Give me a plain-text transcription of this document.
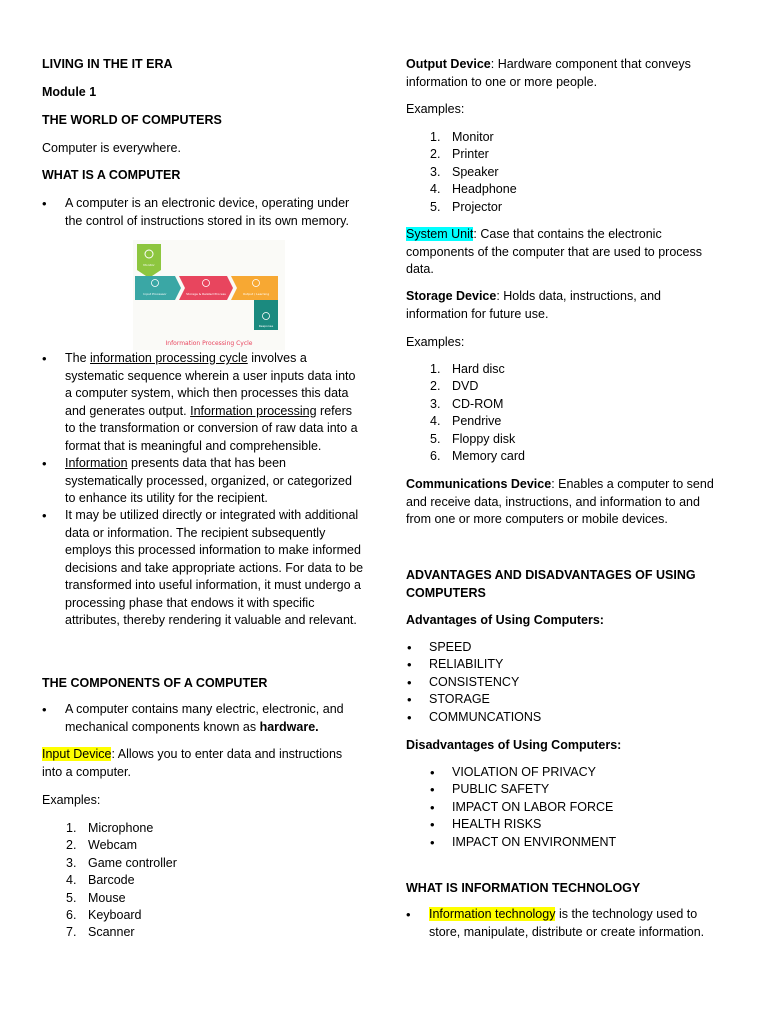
LIVING IN THE IT ERA

Module 1

THE WORLD OF COMPUTERS

Computer is everywhere.

WHAT IS A COMPUTER

• A computer is an electronic device, operating under the control of instructions stored in its own memory.
Monitor
Input Processor	Storage & Related Process	Output / Learning
Response
Information Processing Cycle
• The information processing cycle involves a systematic sequence wherein a user inputs data into a computer system, which then processes this data and generates output. Information processing refers to the transformation or conversion of raw data into a format that is meaningful and comprehensible.
• Information presents data that has been systematically processed, organized, or categorized to enhance its utility for the recipient.
• It may be utilized directly or integrated with additional data or information. The recipient subsequently employs this processed information to make informed decisions and take appropriate actions. For data to be transformed into useful information, it must undergo a processing phase that endows it with specific attributes, thereby rendering it valuable and relevant.

THE COMPONENTS OF A COMPUTER

• A computer contains many electric, electronic, and mechanical components known as hardware.

Input Device: Allows you to enter data and instructions into a computer.

Examples:

1. Microphone
2. Webcam
3. Game controller
4. Barcode
5. Mouse
6. Keyboard
7. Scanner

Output Device: Hardware component that conveys information to one or more people.

Examples:

1. Monitor
2. Printer
3. Speaker
4. Headphone
5. Projector

System Unit: Case that contains the electronic components of the computer that are used to process data.

Storage Device: Holds data, instructions, and information for future use.

Examples:

1. Hard disc
2. DVD
3. CD-ROM
4. Pendrive
5. Floppy disk
6. Memory card

Communications Device: Enables a computer to send and receive data, instructions, and information to and from one or more computers or mobile devices.

ADVANTAGES AND DISADVANTAGES OF USING COMPUTERS

Advantages of Using Computers:

• SPEED
• RELIABILITY
• CONSISTENCY
• STORAGE
• COMMUNCATIONS

Disadvantages of Using Computers:

• VIOLATION OF PRIVACY
• PUBLIC SAFETY
• IMPACT ON LABOR FORCE
• HEALTH RISKS
• IMPACT ON ENVIRONMENT

WHAT IS INFORMATION TECHNOLOGY

• Information technology is the technology used to store, manipulate, distribute or create information.
